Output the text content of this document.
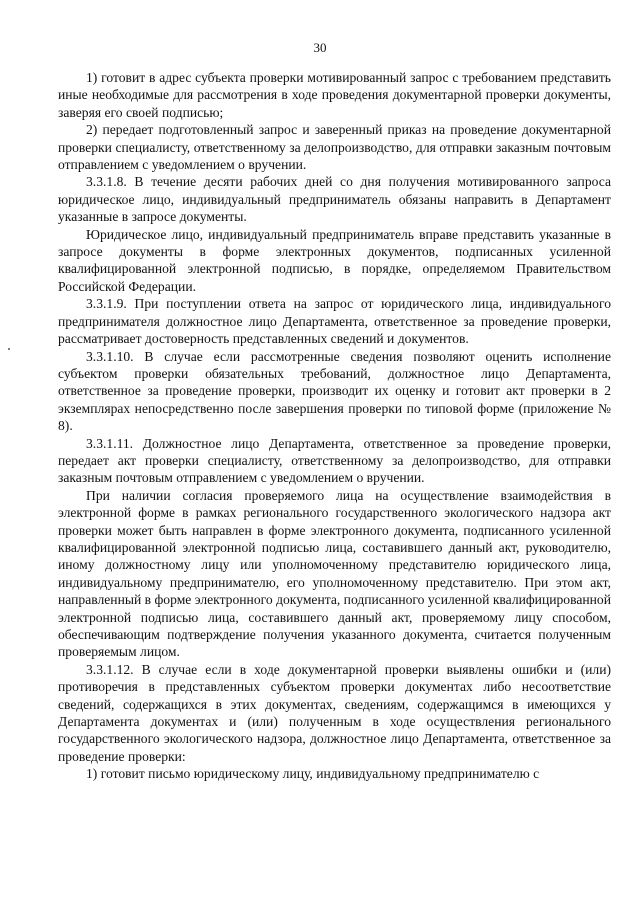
30

1) готовит в адрес субъекта проверки мотивированный запрос с требованием представить иные необходимые для рассмотрения в ходе проведения документарной проверки документы, заверяя его своей подписью;

2) передает подготовленный запрос и заверенный приказ на проведение документарной проверки специалисту, ответственному за делопроизводство, для отправки заказным почтовым отправлением с уведомлением о вручении.

3.3.1.8. В течение десяти рабочих дней со дня получения мотивированного запроса юридическое лицо, индивидуальный предприниматель обязаны направить в Департамент указанные в запросе документы.

Юридическое лицо, индивидуальный предприниматель вправе представить указанные в запросе документы в форме электронных документов, подписанных усиленной квалифицированной электронной подписью, в порядке, определяемом Правительством Российской Федерации.

3.3.1.9. При поступлении ответа на запрос от юридического лица, индивидуального предпринимателя должностное лицо Департамента, ответственное за проведение проверки, рассматривает достоверность представленных сведений и документов.

3.3.1.10. В случае если рассмотренные сведения позволяют оценить исполнение субъектом проверки обязательных требований, должностное лицо Департамента, ответственное за проведение проверки, производит их оценку и готовит акт проверки в 2 экземплярах непосредственно после завершения проверки по типовой форме (приложение № 8).

3.3.1.11. Должностное лицо Департамента, ответственное за проведение проверки, передает акт проверки специалисту, ответственному за делопроизводство, для отправки заказным почтовым отправлением с уведомлением о вручении.

При наличии согласия проверяемого лица на осуществление взаимодействия в электронной форме в рамках регионального государственного экологического надзора акт проверки может быть направлен в форме электронного документа, подписанного усиленной квалифицированной электронной подписью лица, составившего данный акт, руководителю, иному должностному лицу или уполномоченному представителю юридического лица, индивидуальному предпринимателю, его уполномоченному представителю. При этом акт, направленный в форме электронного документа, подписанного усиленной квалифицированной электронной подписью лица, составившего данный акт, проверяемому лицу способом, обеспечивающим подтверждение получения указанного документа, считается полученным проверяемым лицом.

3.3.1.12. В случае если в ходе документарной проверки выявлены ошибки и (или) противоречия в представленных субъектом проверки документах либо несоответствие сведений, содержащихся в этих документах, сведениям, содержащимся в имеющихся у Департамента документах и (или) полученным в ходе осуществления регионального государственного экологического надзора, должностное лицо Департамента, ответственное за проведение проверки:

1) готовит письмо юридическому лицу, индивидуальному предпринимателю с
